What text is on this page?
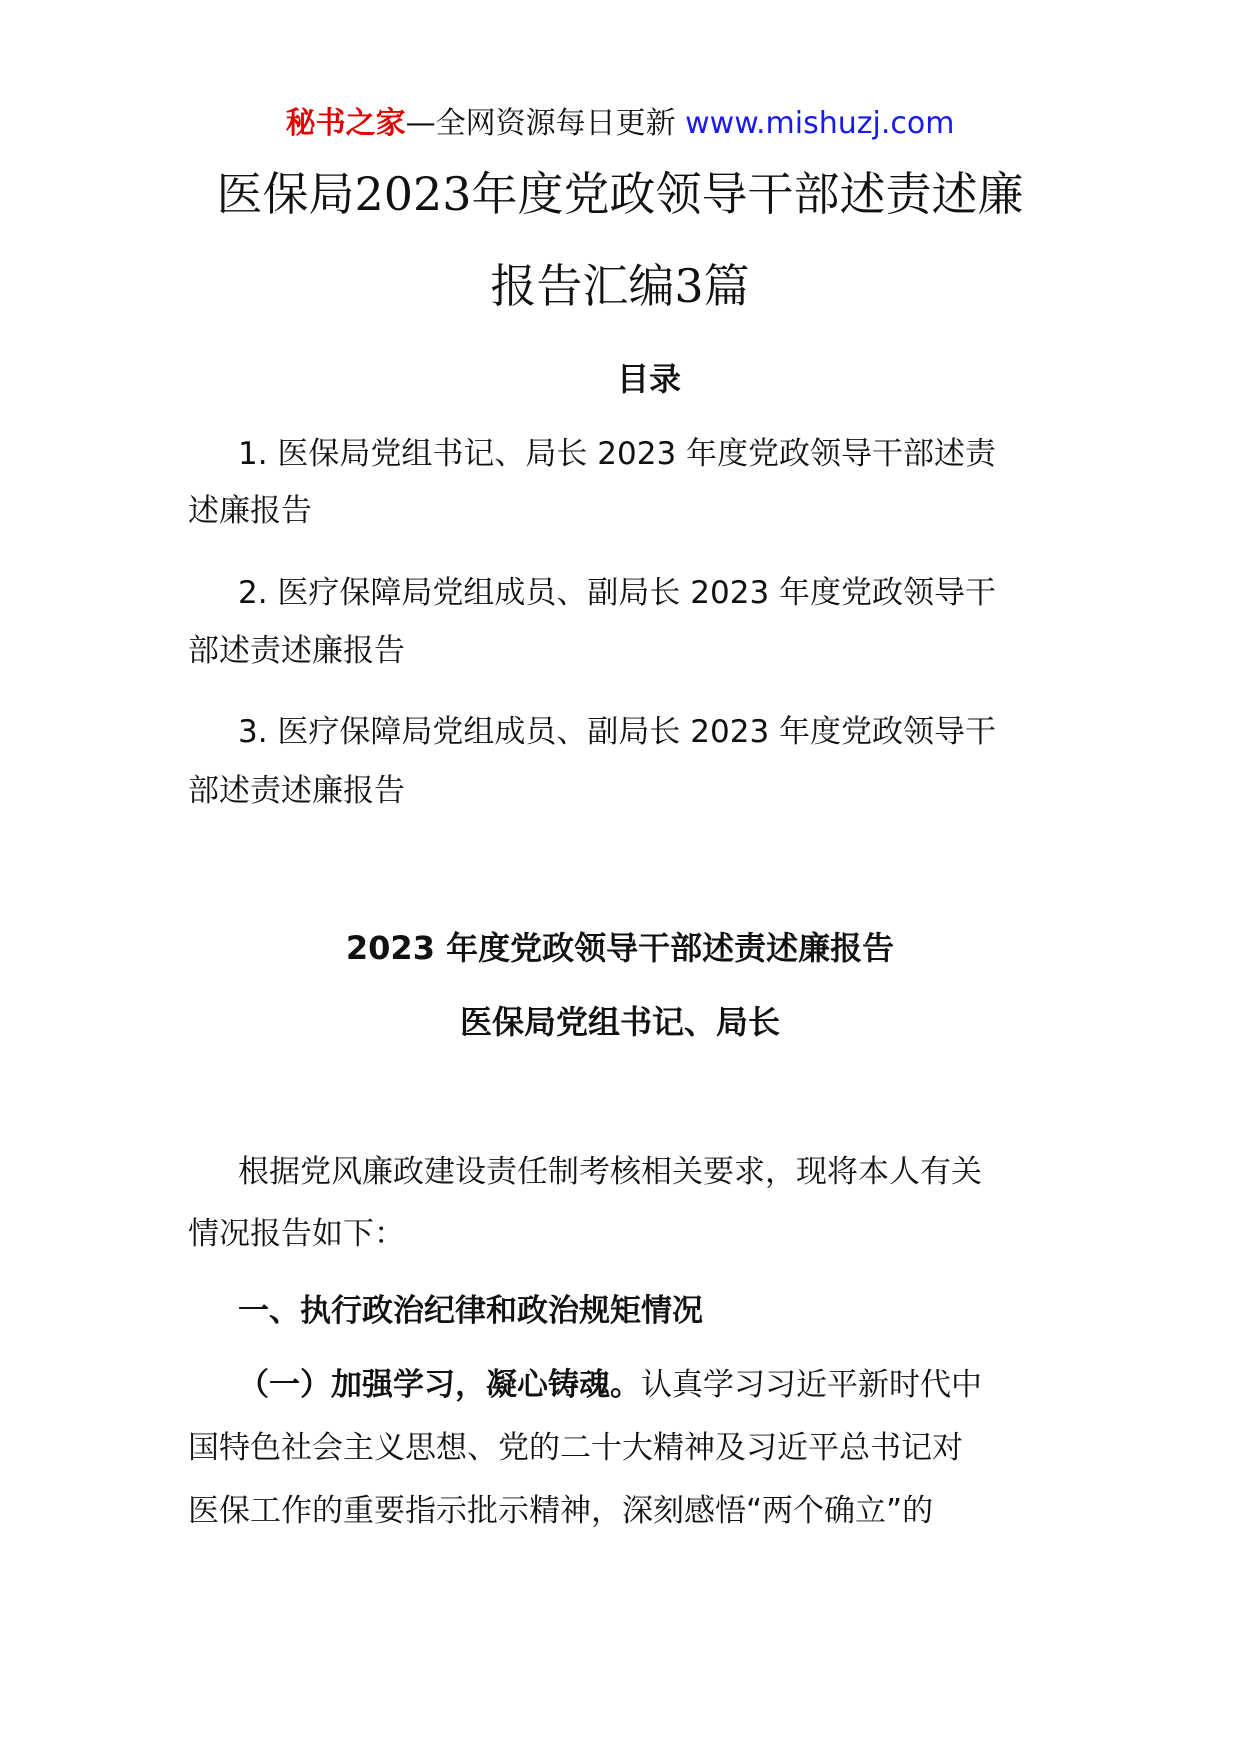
秘书之家—全网资源每日更新 www.mishuzj.com
医保局2023年度党政领导干部述责述廉
报告汇编3篇
目录
1. 医保局党组书记、局长 2023 年度党政领导干部述责
述廉报告
2. 医疗保障局党组成员、副局长 2023 年度党政领导干
部述责述廉报告
3. 医疗保障局党组成员、副局长 2023 年度党政领导干
部述责述廉报告
2023 年度党政领导干部述责述廉报告
医保局党组书记、局长
根据党风廉政建设责任制考核相关要求，现将本人有关
情况报告如下：
一、执行政治纪律和政治规矩情况
（一）加强学习，凝心铸魂。认真学习习近平新时代中
国特色社会主义思想、党的二十大精神及习近平总书记对
医保工作的重要指示批示精神，深刻感悟“两个确立”的
